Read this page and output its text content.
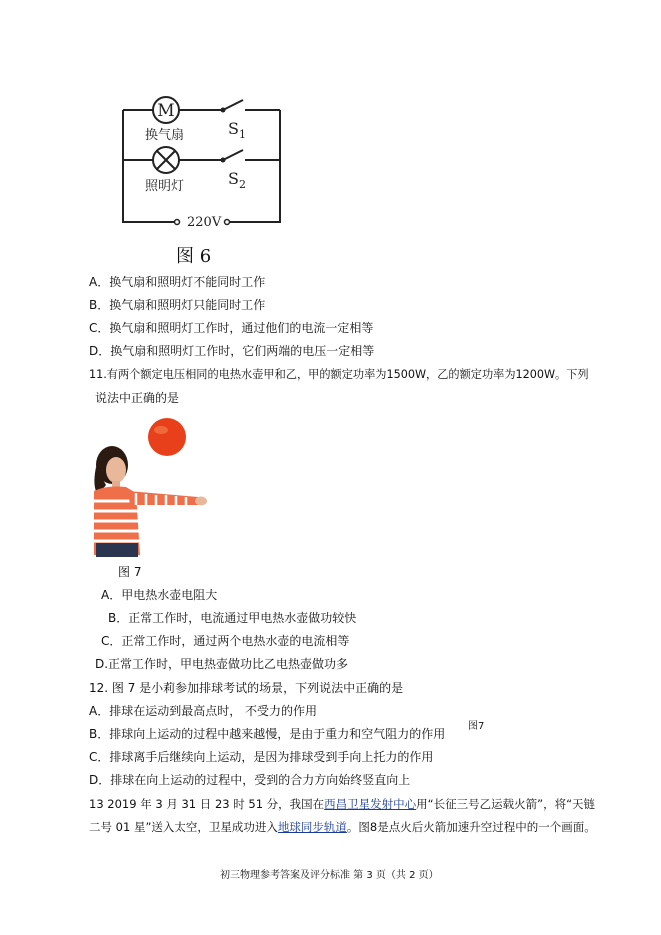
M
换气扇
照明灯
$S_1$
$S_2$
220V
图 6
A．换气扇和照明灯不能同时工作
B．换气扇和照明灯只能同时工作
C．换气扇和照明灯工作时，通过他们的电流一定相等
D．换气扇和照明灯工作时，它们两端的电压一定相等
11.有两个额定电压相同的电热水壶甲和乙，甲的额定功率为1500W，乙的额定功率为1200W。下列
说法中正确的是
图 7
A．甲电热水壶电阻大
B．正常工作时，电流通过甲电热水壶做功较快
C．正常工作时，通过两个电热水壶的电流相等
D.正常工作时，甲电热壶做功比乙电热壶做功多
12. 图 7 是小莉参加排球考试的场景，下列说法中正确的是
A．排球在运动到最高点时， 不受力的作用
B．排球向上运动的过程中越来越慢，是由于重力和空气阻力的作用
图7
C．排球离手后继续向上运动，是因为排球受到手向上托力的作用
D．排球在向上运动的过程中，受到的合力方向始终竖直向上
13 2019 年 3 月 31 日 23 时 51 分，我国在西昌卫星发射中心用“长征三号乙运载火箭”，将“天链
二号 01 星”送入太空，卫星成功进入地球同步轨道。图8是点火后火箭加速升空过程中的一个画面。
初三物理参考答案及评分标准 第 3 页（共 2 页）
